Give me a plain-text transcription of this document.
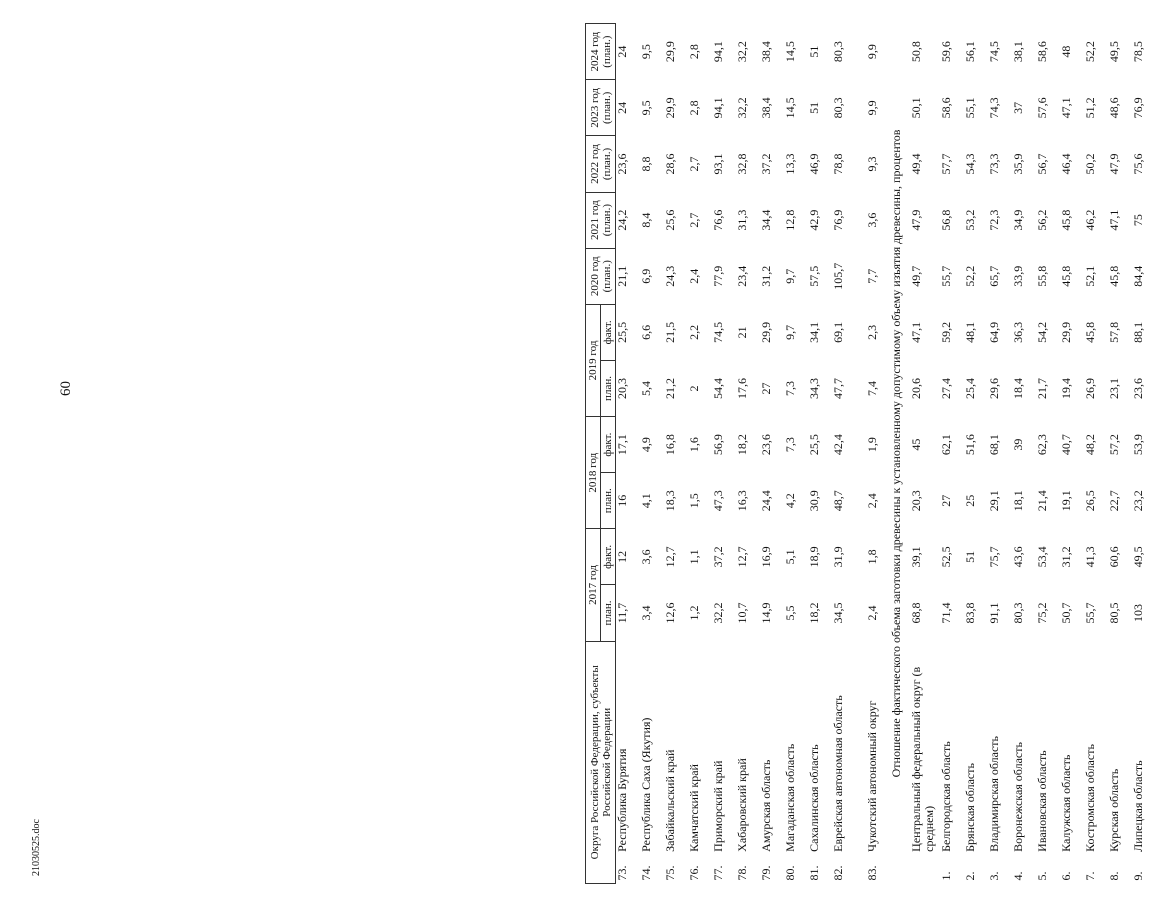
60
21030525.doc	Округа Российской Федерации, субъекты Российской Федерации		2017 год		2018 год		2019 год		2020 год (план.)	2021 год (план.)	2022 год (план.)	2023 год (план.)	2024 год (план.)
		план.	факт.	план.	факт.	план.	факт.					
73.	Республика Бурятия	11,7	12	16	17,1	20,3	25,5	21,1	24,2	23,6	24	24
74.	Республика Саха (Якутия)	3,4	3,6	4,1	4,9	5,4	6,6	6,9	8,4	8,8	9,5	9,5
75.	Забайкальский край	12,6	12,7	18,3	16,8	21,2	21,5	24,3	25,6	28,6	29,9	29,9
76.	Камчатский край	1,2	1,1	1,5	1,6	2	2,2	2,4	2,7	2,7	2,8	2,8
77.	Приморский край	32,2	37,2	47,3	56,9	54,4	74,5	77,9	76,6	93,1	94,1	94,1
78.	Хабаровский край	10,7	12,7	16,3	18,2	17,6	21	23,4	31,3	32,8	32,2	32,2
79.	Амурская область	14,9	16,9	24,4	23,6	27	29,9	31,2	34,4	37,2	38,4	38,4
80.	Магаданская область	5,5	5,1	4,2	7,3	7,3	9,7	9,7	12,8	13,3	14,5	14,5
81.	Сахалинская область	18,2	18,9	30,9	25,5	34,3	34,1	57,5	42,9	46,9	51	51
82.	Еврейская автономная область	34,5	31,9	48,7	42,4	47,7	69,1	105,7	76,9	78,8	80,3	80,3
83.	Чукотский автономный округ	2,4	1,8	2,4	1,9	7,4	2,3	7,7	3,6	9,3	9,9	9,9
Отношение фактического объема заготовки древесины к установленному допустимому объему изъятия древесины, процентов												
	Центральный федеральный округ (в среднем)	68,8	39,1	20,3	45	20,6	47,1	49,7	47,9	49,4	50,1	50,8
1.	Белгородская область	71,4	52,5	27	62,1	27,4	59,2	55,7	56,8	57,7	58,6	59,6
2.	Брянская область	83,8	51	25	51,6	25,4	48,1	52,2	53,2	54,3	55,1	56,1
3.	Владимирская область	91,1	75,7	29,1	68,1	29,6	64,9	65,7	72,3	73,3	74,3	74,5
4.	Воронежская область	80,3	43,6	18,1	39	18,4	36,3	33,9	34,9	35,9	37	38,1
5.	Ивановская область	75,2	53,4	21,4	62,3	21,7	54,2	55,8	56,2	56,7	57,6	58,6
6.	Калужская область	50,7	31,2	19,1	40,7	19,4	29,9	45,8	45,8	46,4	47,1	48
7.	Костромская область	55,7	41,3	26,5	48,2	26,9	45,8	52,1	46,2	50,2	51,2	52,2
8.	Курская область	80,5	60,6	22,7	57,2	23,1	57,8	45,8	47,1	47,9	48,6	49,5
9.	Липецкая область	103	49,5	23,2	53,9	23,6	88,1	84,4	75	75,6	76,9	78,5
